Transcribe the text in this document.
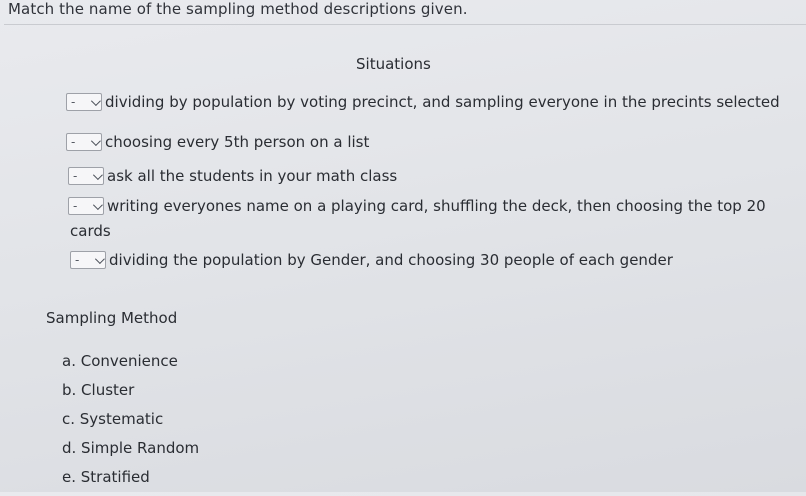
Match the name of the sampling method descriptions given.
Situations
- dividing by population by voting precinct, and sampling everyone in the precints selected
- choosing every 5th person on a list
- ask all the students in your math class
- writing everyones name on a playing card, shuffling the deck, then choosing the top 20
cards
- dividing the population by Gender, and choosing 30 people of each gender
Sampling Method
a. Convenience
b. Cluster
c. Systematic
d. Simple Random
e. Stratified
